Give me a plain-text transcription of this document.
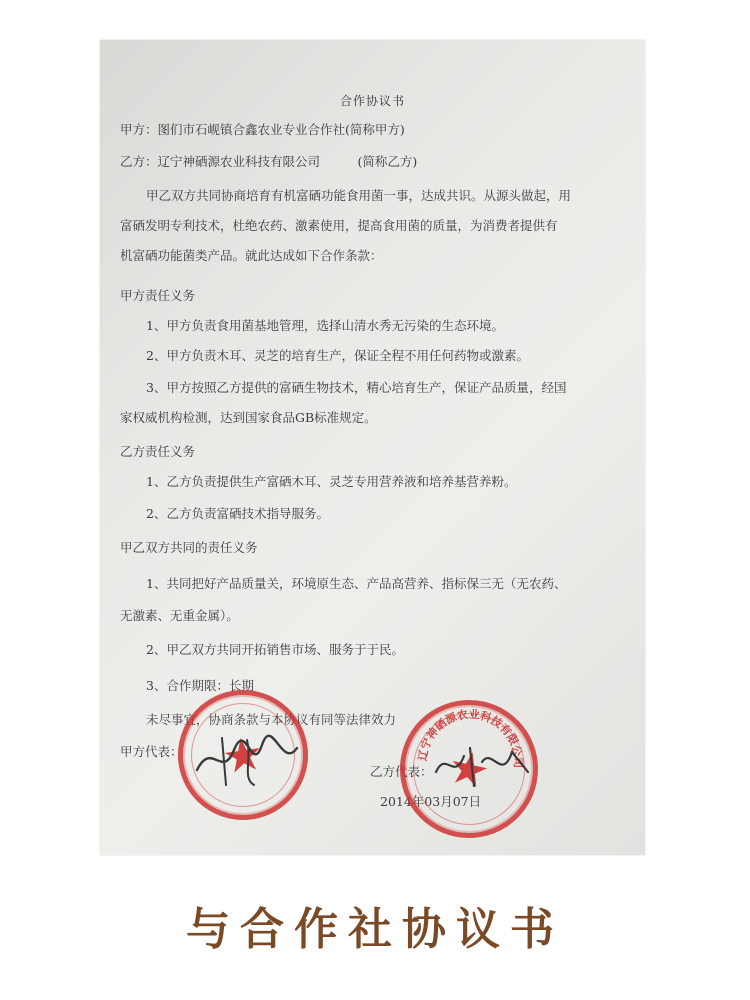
合作协议书
甲方：图们市石岘镇合鑫农业专业合作社(简称甲方)
乙方：辽宁神硒源农业科技有限公司　　　(简称乙方)
甲乙双方共同协商培育有机富硒功能食用菌一事，达成共识。从源头做起，用
富硒发明专利技术，杜绝农药、激素使用，提高食用菌的质量，为消费者提供有
机富硒功能菌类产品。就此达成如下合作条款：
甲方责任义务
1、甲方负责食用菌基地管理，选择山清水秀无污染的生态环境。
2、甲方负责木耳、灵芝的培育生产，保证全程不用任何药物或激素。
3、甲方按照乙方提供的富硒生物技术，精心培育生产，保证产品质量，经国
家权威机构检测，达到国家食品GB标准规定。
乙方责任义务
1、乙方负责提供生产富硒木耳、灵芝专用营养液和培养基营养粉。
2、乙方负责富硒技术指导服务。
甲乙双方共同的责任义务
1、共同把好产品质量关，环境原生态、产品高营养、指标保三无（无农药、
无激素、无重金属）。
2、甲乙双方共同开拓销售市场、服务于于民。
3、合作期限：长期
未尽事宜，协商条款与本协议有同等法律效力
甲方代表：
乙方代表：
2014年03月07日
★	辽宁神硒源农业科技有限公司
★
与合作社协议书
